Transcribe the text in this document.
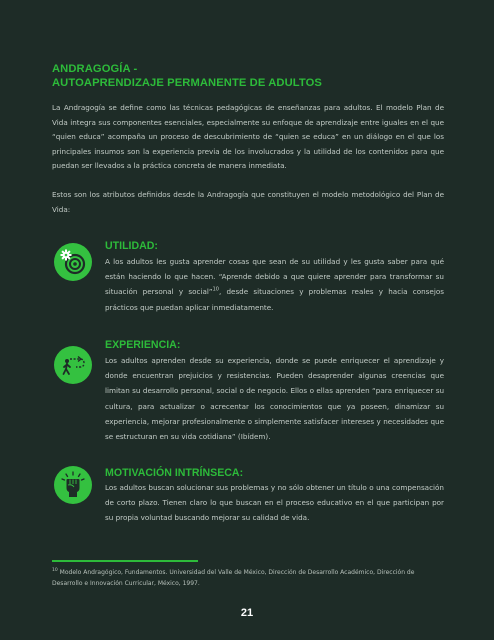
ANDRAGOGÍA -
AUTOAPRENDIZAJE PERMANENTE DE ADULTOS

La Andragogía se define como las técnicas pedagógicas de enseñanzas para adultos. El modelo Plan de Vida integra sus componentes esenciales, especialmente su enfoque de aprendizaje entre iguales en el que “quien educa” acompaña un proceso de descubrimiento de “quien se educa” en un diálogo en el que los principales insumos son la experiencia previa de los involucrados y la utilidad de los contenidos para que puedan ser llevados a la práctica concreta de manera inmediata.

Estos son los atributos definidos desde la Andragogía que constituyen el modelo metodológico del Plan de Vida:

UTILIDAD:

A los adultos les gusta aprender cosas que sean de su utilidad y les gusta saber para qué están haciendo lo que hacen. “Aprende debido a que quiere aprender para transformar su situación personal y social”$^{10}$, desde situaciones y problemas reales y hacia consejos prácticos que puedan aplicar inmediatamente.

EXPERIENCIA:

Los adultos aprenden desde su experiencia, donde se puede enriquecer el aprendizaje y donde encuentran prejuicios y resistencias. Pueden desaprender algunas creencias que limitan su desarrollo personal, social o de negocio. Ellos o ellas aprenden “para enriquecer su cultura, para actualizar o acrecentar los conocimientos que ya poseen, dinamizar su experiencia, mejorar profesionalmente o simplemente satisfacer intereses y necesidades que se estructuran en su vida cotidiana” (Ibídem).

MOTIVACIÓN INTRÍNSECA:

Los adultos buscan solucionar sus problemas y no sólo obtener un título o una compensación de corto plazo. Tienen claro lo que buscan en el proceso educativo en el que participan por su propia voluntad buscando mejorar su calidad de vida.

$^{10}$ Modelo Andragógico, Fundamentos. Universidad del Valle de México, Dirección de Desarrollo Académico, Dirección de Desarrollo e Innovación Curricular, México, 1997.

21
